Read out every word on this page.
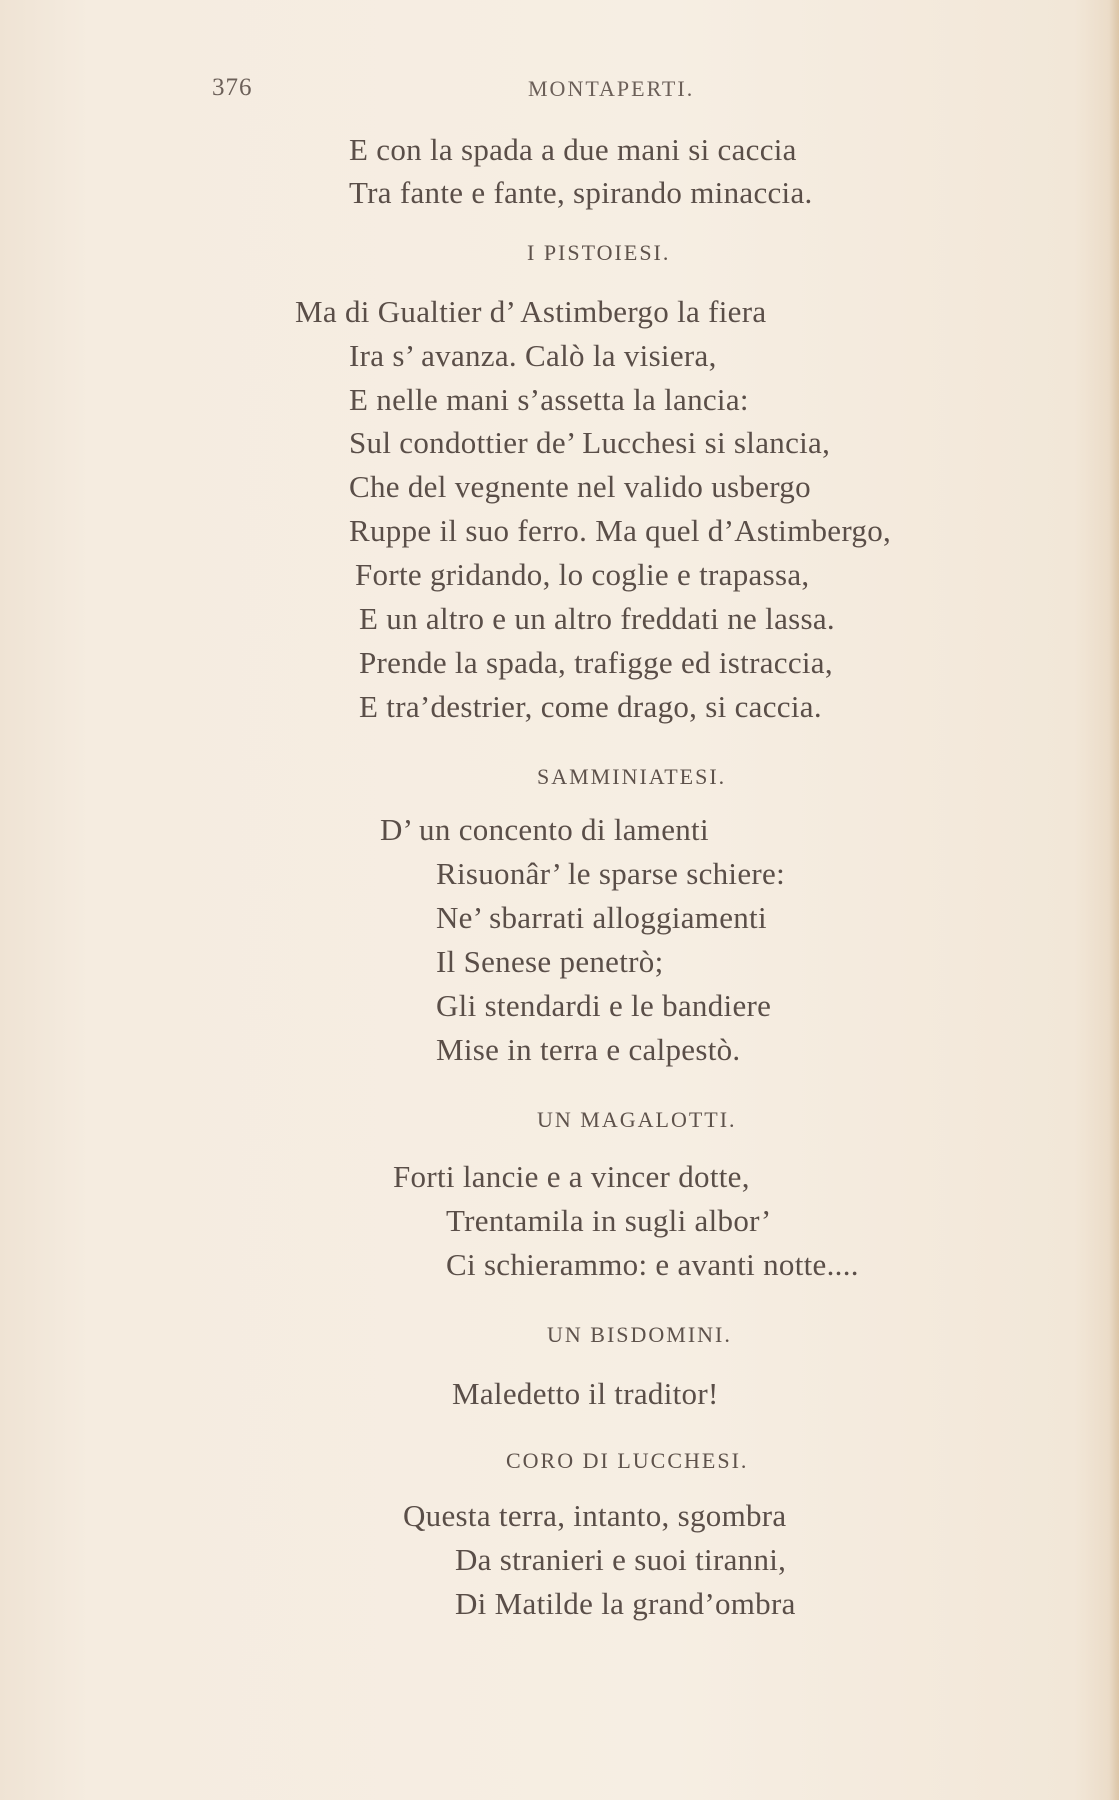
376	MONTAPERTI.
E con la spada a due mani si caccia
Tra fante e fante, spirando minaccia.
I PISTOIESI.
Ma di Gualtier d’ Astimbergo la fiera
Ira s’ avanza. Calò la visiera,
E nelle mani s’assetta la lancia:
Sul condottier de’ Lucchesi si slancia,
Che del vegnente nel valido usbergo
Ruppe il suo ferro. Ma quel d’Astimbergo,
Forte gridando, lo coglie e trapassa,
E un altro e un altro freddati ne lassa.
Prende la spada, trafigge ed istraccia,
E tra’destrier, come drago, si caccia.
SAMMINIATESI.
D’ un concento di lamenti
Risuonâr’ le sparse schiere:
Ne’ sbarrati alloggiamenti
Il Senese penetrò;
Gli stendardi e le bandiere
Mise in terra e calpestò.
UN MAGALOTTI.
Forti lancie e a vincer dotte,
Trentamila in sugli albor’
Ci schierammo: e avanti notte....
UN BISDOMINI.
Maledetto il traditor!
CORO DI LUCCHESI.
Questa terra, intanto, sgombra
Da stranieri e suoi tiranni,
Di Matilde la grand’ombra
